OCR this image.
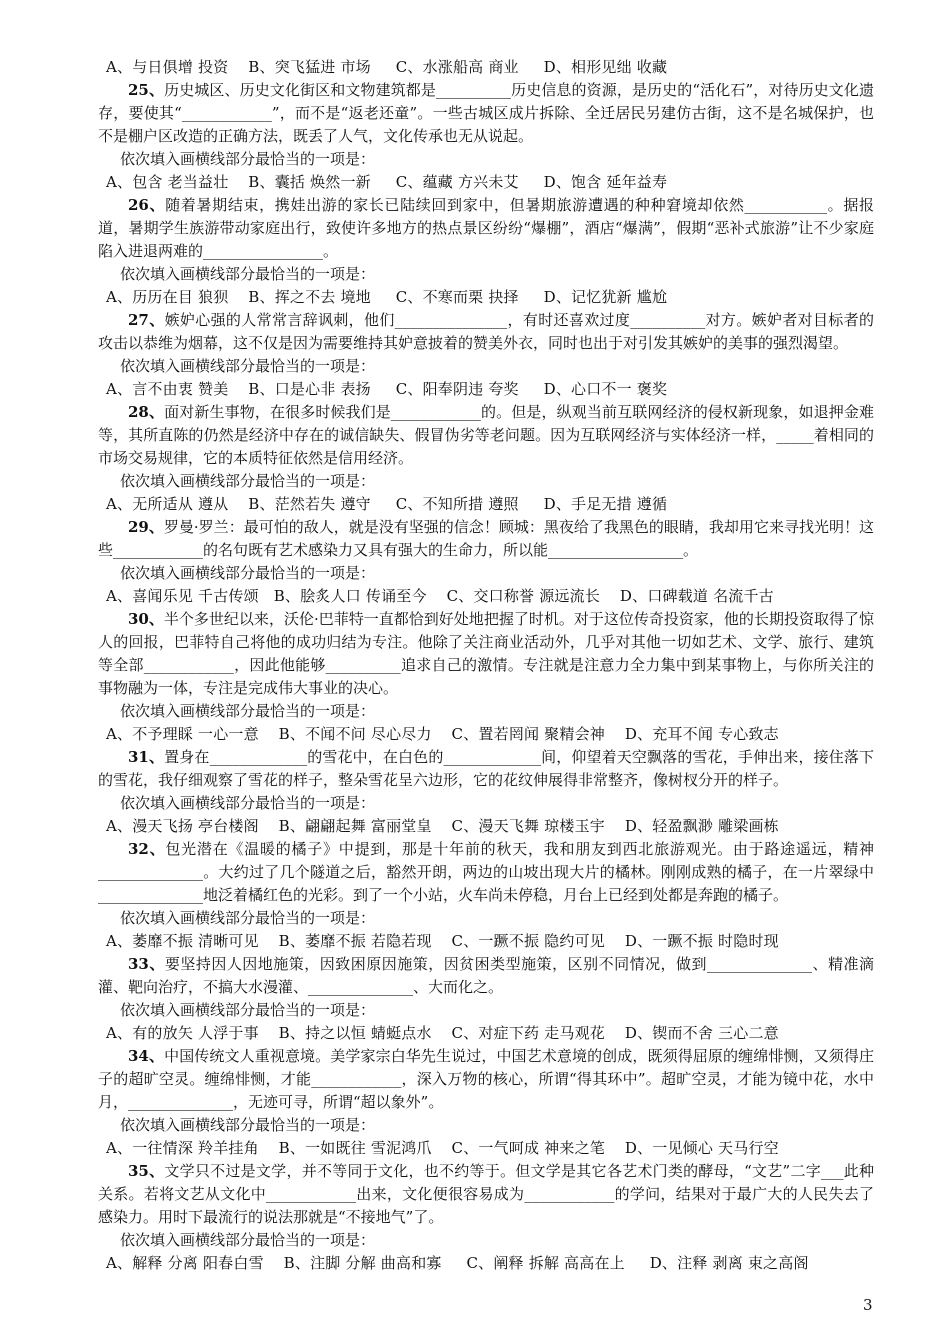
A、与日俱增 投资    B、突飞猛进 市场     C、水涨船高 商业     D、相形见绌 收藏
25、历史城区、历史文化街区和文物建筑都是__________历史信息的资源，是历史的“活化石”，对待历史文化遗存，要使其“____________”，而不是“返老还童”。一些古城区成片拆除、全迁居民另建仿古街，这不是名城保护，也不是棚户区改造的正确方法，既丢了人气，文化传承也无从说起。
依次填入画横线部分最恰当的一项是：
A、包含 老当益壮    B、囊括 焕然一新     C、蕴藏 方兴未艾     D、饱含 延年益寿
26、随着暑期结束，携娃出游的家长已陆续回到家中，但暑期旅游遭遇的种种窘境却依然___________。据报道，暑期学生族游带动家庭出行，致使许多地方的热点景区纷纷“爆棚”，酒店“爆满”，假期“恶补式旅游”让不少家庭陷入进退两难的________________。
依次填入画横线部分最恰当的一项是：
A、历历在目 狼狈    B、挥之不去 境地     C、不寒而栗 抉择     D、记忆犹新 尴尬
27、嫉妒心强的人常常言辞讽刺，他们_______________，有时还喜欢过度__________对方。嫉妒者对目标者的攻击以恭维为烟幕，这不仅是因为需要维持其妒意披着的赞美外衣，同时也出于对引发其嫉妒的美事的强烈渴望。
依次填入画横线部分最恰当的一项是：
A、言不由衷 赞美    B、口是心非 表扬     C、阳奉阴违 夸奖     D、心口不一 褒奖
28、面对新生事物，在很多时候我们是____________的。但是，纵观当前互联网经济的侵权新现象，如退押金难等，其所直陈的仍然是经济中存在的诚信缺失、假冒伪劣等老问题。因为互联网经济与实体经济一样，_____着相同的市场交易规律，它的本质特征依然是信用经济。
依次填入画横线部分最恰当的一项是：
A、无所适从 遵从    B、茫然若失 遵守     C、不知所措 遵照     D、手足无措 遵循
29、罗曼·罗兰：最可怕的敌人，就是没有坚强的信念！顾城：黑夜给了我黑色的眼睛，我却用它来寻找光明！这些____________的名句既有艺术感染力又具有强大的生命力，所以能__________________。
依次填入画横线部分最恰当的一项是：
A、喜闻乐见 千古传颂   B、脍炙人口 传诵至今    C、交口称誉 源远流长    D、口碑载道 名流千古
30、半个多世纪以来，沃伦·巴菲特一直都恰到好处地把握了时机。对于这位传奇投资家，他的长期投资取得了惊人的回报，巴菲特自己将他的成功归结为专注。他除了关注商业活动外，几乎对其他一切如艺术、文学、旅行、建筑等全部____________，因此他能够__________追求自己的激情。专注就是注意力全力集中到某事物上，与你所关注的事物融为一体，专注是完成伟大事业的决心。
依次填入画横线部分最恰当的一项是：
A、不予理睬 一心一意    B、不闻不问 尽心尽力    C、置若罔闻 聚精会神    D、充耳不闻 专心致志
31、置身在_____________的雪花中，在白色的_____________间，仰望着天空飘落的雪花，手伸出来，接住落下的雪花，我仔细观察了雪花的样子，整朵雪花呈六边形，它的花纹伸展得非常整齐，像树杈分开的样子。
依次填入画横线部分最恰当的一项是：
A、漫天飞扬 亭台楼阁    B、翩翩起舞 富丽堂皇    C、漫天飞舞 琼楼玉宇    D、轻盈飘渺 雕梁画栋
32、包光潜在《温暖的橘子》中提到，那是十年前的秋天，我和朋友到西北旅游观光。由于路途遥远，精神______________。大约过了几个隧道之后，豁然开朗，两边的山坡出现大片的橘林。刚刚成熟的橘子，在一片翠绿中______________地泛着橘红色的光彩。到了一个小站，火车尚未停稳，月台上已经到处都是奔跑的橘子。
依次填入画横线部分最恰当的一项是：
A、萎靡不振 清晰可见    B、萎靡不振 若隐若现    C、一蹶不振 隐约可见    D、一蹶不振 时隐时现
33、要坚持因人因地施策，因致困原因施策，因贫困类型施策，区别不同情况，做到______________、精准滴灌、靶向治疗，不搞大水漫灌、______________、大而化之。
依次填入画横线部分最恰当的一项是：
A、有的放矢 人浮于事    B、持之以恒 蜻蜓点水    C、对症下药 走马观花    D、锲而不舍 三心二意
34、中国传统文人重视意境。美学家宗白华先生说过，中国艺术意境的创成，既须得屈原的缠绵悱恻，又须得庄子的超旷空灵。缠绵悱恻，才能____________，深入万物的核心，所谓“得其环中”。超旷空灵，才能为镜中花，水中月，______________，无迹可寻，所谓“超以象外”。
依次填入画横线部分最恰当的一项是：
A、一往情深 羚羊挂角    B、一如既往 雪泥鸿爪    C、一气呵成 神来之笔    D、一见倾心 天马行空
35、文学只不过是文学，并不等同于文化，也不约等于。但文学是其它各艺术门类的酵母，“文艺”二字___此种关系。若将文艺从文化中____________出来，文化便很容易成为____________的学问，结果对于最广大的人民失去了感染力。用时下最流行的说法那就是“不接地气”了。
依次填入画横线部分最恰当的一项是：
A、解释 分离 阳春白雪    B、注脚 分解 曲高和寡     C、阐释 拆解 高高在上     D、注释 剥离 束之高阁
3
